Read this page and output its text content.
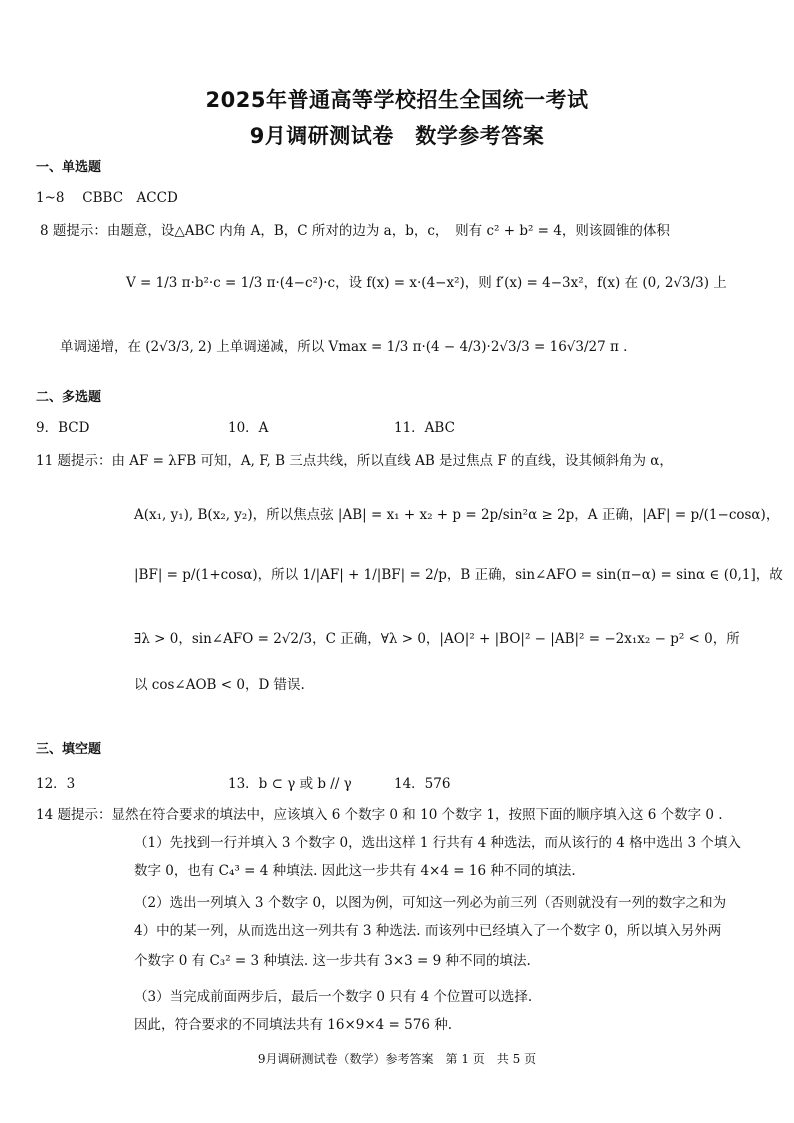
2025年普通高等学校招生全国统一考试
9月调研测试卷　数学参考答案
一、单选题
1~8　 CBBC　ACCD
8 题提示：由题意，设△ABC 内角 A，B，C 所对的边为 a，b，c，　则有 c² + b² = 4，则该圆锥的体积
V = 1/3 π·b²·c = 1/3 π·(4−c²)·c，设 f(x) = x·(4−x²)，则 f′(x) = 4−3x²，f(x) 在 (0, 2√3/3) 上
单调递增，在 (2√3/3, 2) 上单调递减，所以 Vmax = 1/3 π·(4 − 4/3)·2√3/3 = 16√3/27 π .
二、多选题
9．BCD	10．A	11．ABC
11 题提示：由 AF = λFB 可知，A, F, B 三点共线，所以直线 AB 是过焦点 F 的直线，设其倾斜角为 α，
A(x₁, y₁), B(x₂, y₂)，所以焦点弦 |AB| = x₁ + x₂ + p = 2p/sin²α ≥ 2p，A 正确，|AF| = p/(1−cosα)，
|BF| = p/(1+cosα)，所以 1/|AF| + 1/|BF| = 2/p，B 正确，sin∠AFO = sin(π−α) = sinα ∈ (0,1]，故
∃λ > 0，sin∠AFO = 2√2/3，C 正确，∀λ > 0，|AO|² + |BO|² − |AB|² = −2x₁x₂ − p² < 0，所
以 cos∠AOB < 0，D 错误.
三、填空题
12．3	13．b ⊂ γ 或 b // γ	14．576
14 题提示：显然在符合要求的填法中，应该填入 6 个数字 0 和 10 个数字 1，按照下面的顺序填入这 6 个数字 0 .
（1）先找到一行并填入 3 个数字 0，选出这样 1 行共有 4 种选法，而从该行的 4 格中选出 3 个填入
数字 0，也有 C₄³ = 4 种填法. 因此这一步共有 4×4 = 16 种不同的填法.
（2）选出一列填入 3 个数字 0，以图为例，可知这一列必为前三列（否则就没有一列的数字之和为
4）中的某一列，从而选出这一列共有 3 种选法. 而该列中已经填入了一个数字 0，所以填入另外两
个数字 0 有 C₃² = 3 种填法. 这一步共有 3×3 = 9 种不同的填法.
（3）当完成前面两步后，最后一个数字 0 只有 4 个位置可以选择.
因此，符合要求的不同填法共有 16×9×4 = 576 种.
9月调研测试卷（数学）参考答案　第 1 页　共 5 页
